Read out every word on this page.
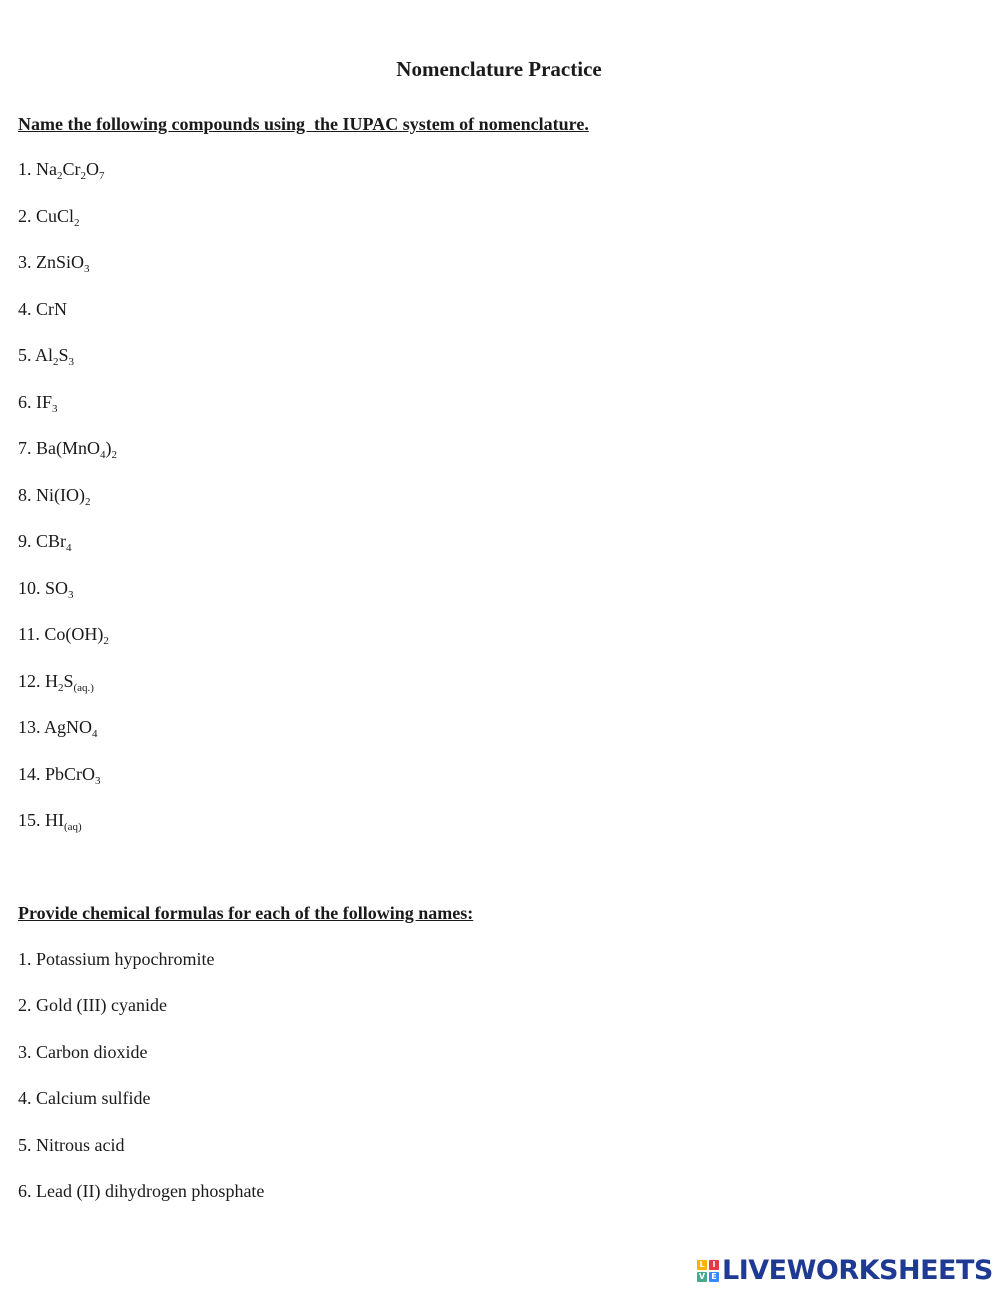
Nomenclature Practice

Name the following compounds using  the IUPAC system of nomenclature.

1. $Na_2Cr_2O_7$

2. CuCl$_2$

3. ZnSiO$_3$

4. CrN

5. $Al_2S_3$

6. $IF_3$

7. $Ba(MnO_4)_2$

8. $Ni(IO)_2$

9. CBr$_4$

10. $SO_3$

11. $Co(OH)_2$

12. $H_2S_{(aq.)}$

13. AgNO$_4$

14. PbCrO$_3$

15. $HI_{(aq)}$

Provide chemical formulas for each of the following names:

1. Potassium hypochromite

2. Gold (III) cyanide

3. Carbon dioxide

4. Calcium sulfide

5. Nitrous acid

6. Lead (II) dihydrogen phosphate

L I
V E LIVEWORKSHEETS
